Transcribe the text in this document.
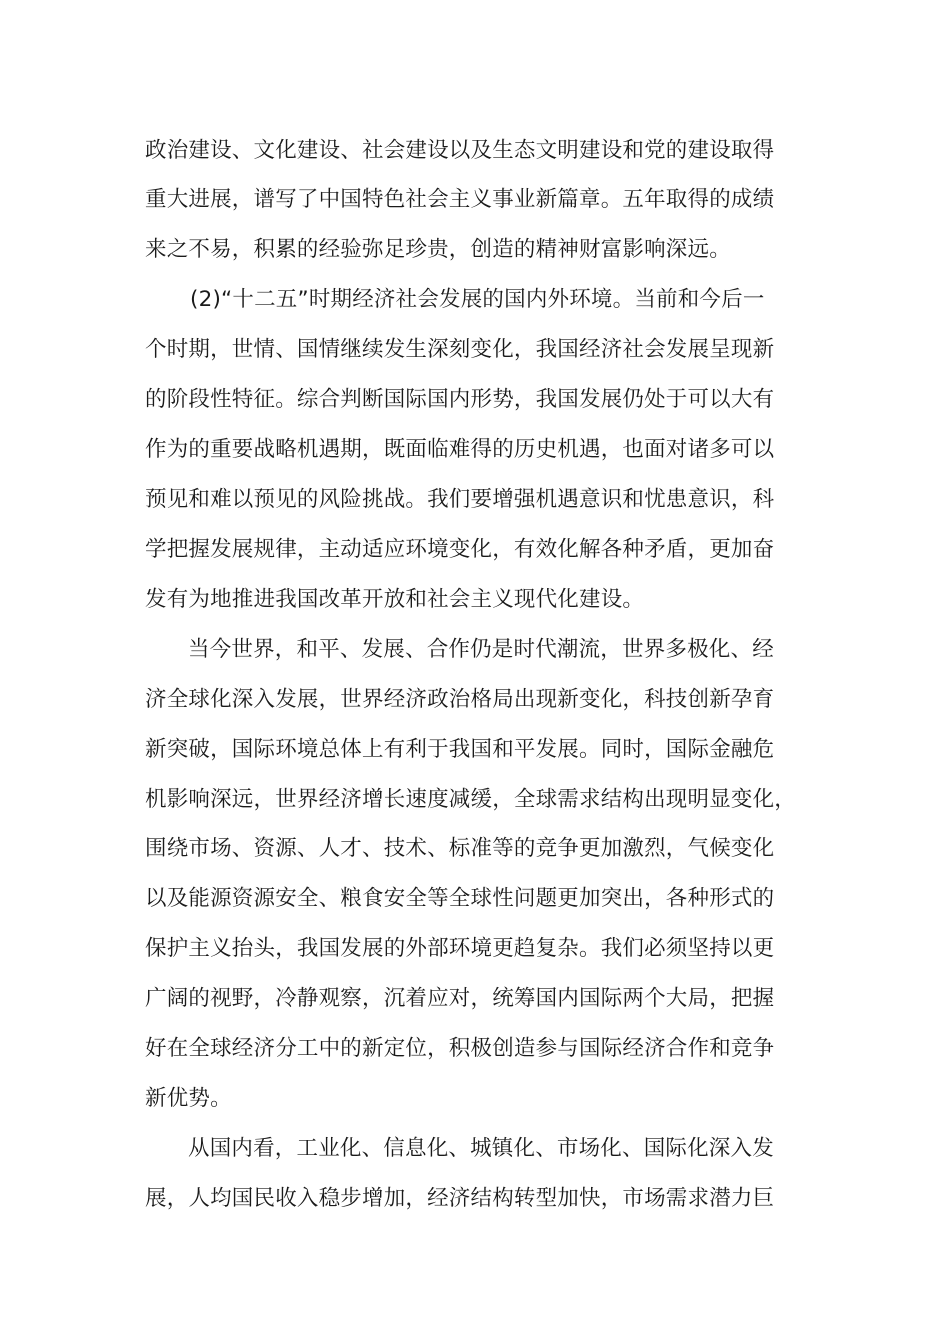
政治建设、文化建设、社会建设以及生态文明建设和党的建设取得
重大进展，谱写了中国特色社会主义事业新篇章。五年取得的成绩
来之不易，积累的经验弥足珍贵，创造的精神财富影响深远。
(2)“十二五”时期经济社会发展的国内外环境。当前和今后一
个时期，世情、国情继续发生深刻变化，我国经济社会发展呈现新
的阶段性特征。综合判断国际国内形势，我国发展仍处于可以大有
作为的重要战略机遇期，既面临难得的历史机遇，也面对诸多可以
预见和难以预见的风险挑战。我们要增强机遇意识和忧患意识，科
学把握发展规律，主动适应环境变化，有效化解各种矛盾，更加奋
发有为地推进我国改革开放和社会主义现代化建设。
当今世界，和平、发展、合作仍是时代潮流，世界多极化、经
济全球化深入发展，世界经济政治格局出现新变化，科技创新孕育
新突破，国际环境总体上有利于我国和平发展。同时，国际金融危
机影响深远，世界经济增长速度减缓，全球需求结构出现明显变化，
围绕市场、资源、人才、技术、标准等的竞争更加激烈，气候变化
以及能源资源安全、粮食安全等全球性问题更加突出，各种形式的
保护主义抬头，我国发展的外部环境更趋复杂。我们必须坚持以更
广阔的视野，冷静观察，沉着应对，统筹国内国际两个大局，把握
好在全球经济分工中的新定位，积极创造参与国际经济合作和竞争
新优势。
从国内看，工业化、信息化、城镇化、市场化、国际化深入发
展，人均国民收入稳步增加，经济结构转型加快，市场需求潜力巨
